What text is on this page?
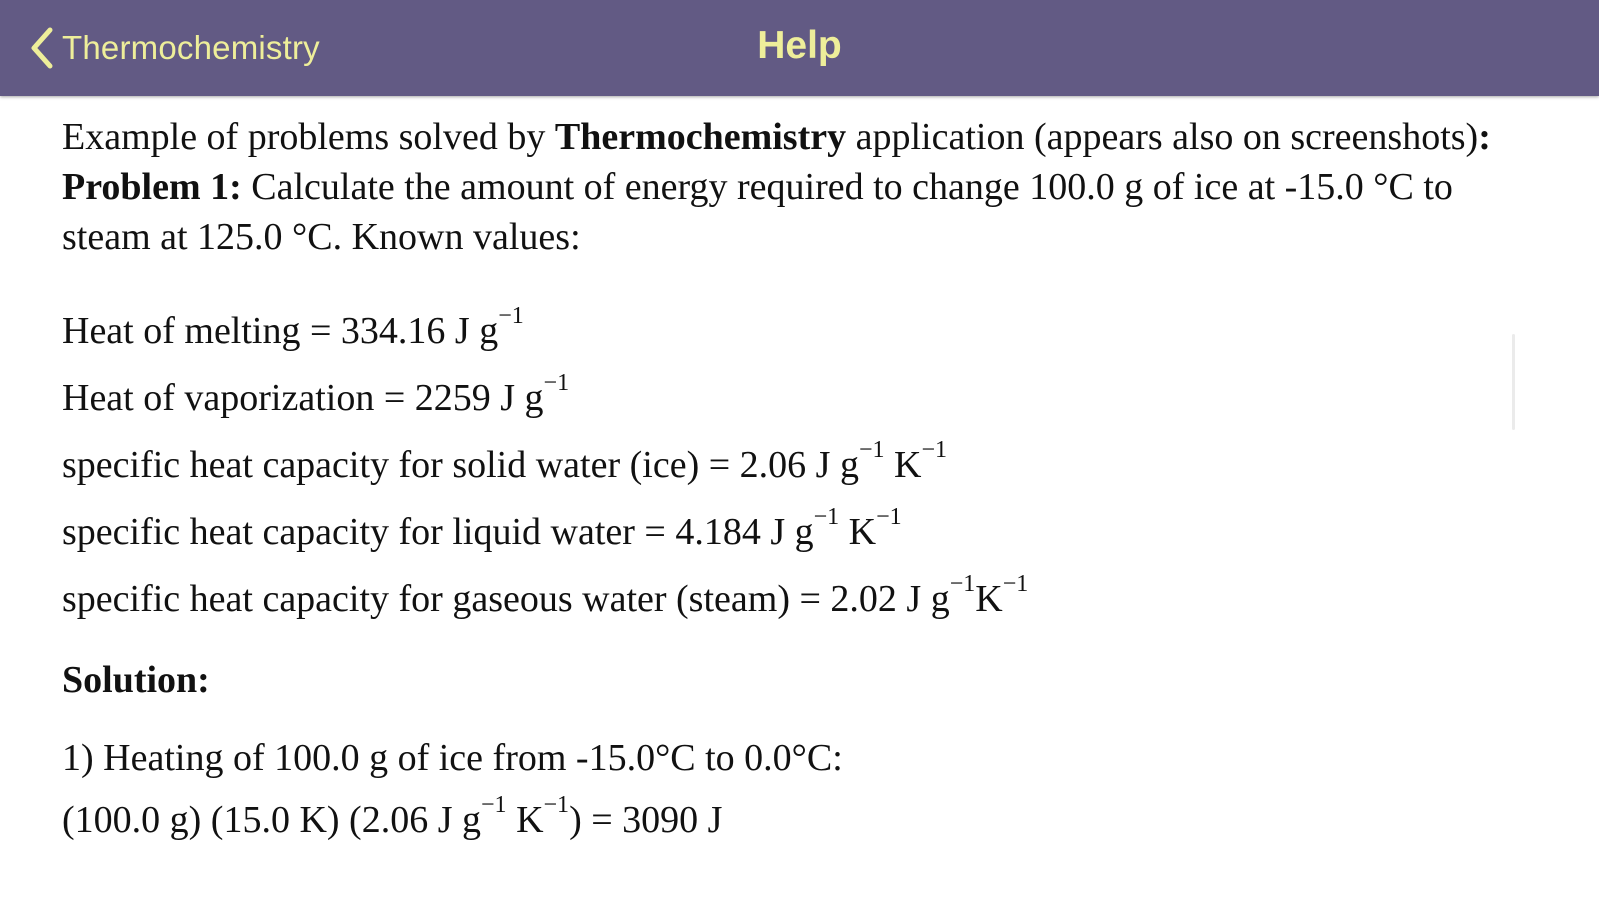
Thermochemistry	Help

Example of problems solved by Thermochemistry application (appears also on screenshots):

Problem 1: Calculate the amount of energy required to change 100.0 g of ice at -15.0 °C to steam at 125.0 °C. Known values:

Heat of melting = 334.16 J $g^{-1}$
Heat of vaporization = 2259 J $g^{-1}$
specific heat capacity for solid water (ice) = 2.06 J $g^{-1}$ $K^{-1}$
specific heat capacity for liquid water = 4.184 J $g^{-1}$ $K^{-1}$
specific heat capacity for gaseous water (steam) = 2.02 J $g^{-1}K^{-1}$
Solution:
1) Heating of 100.0 g of ice from -15.0°C to 0.0°C:
(100.0 g) (15.0 K) (2.06 J $g^{-1}$ $K^{-1}) = 3090$ J
